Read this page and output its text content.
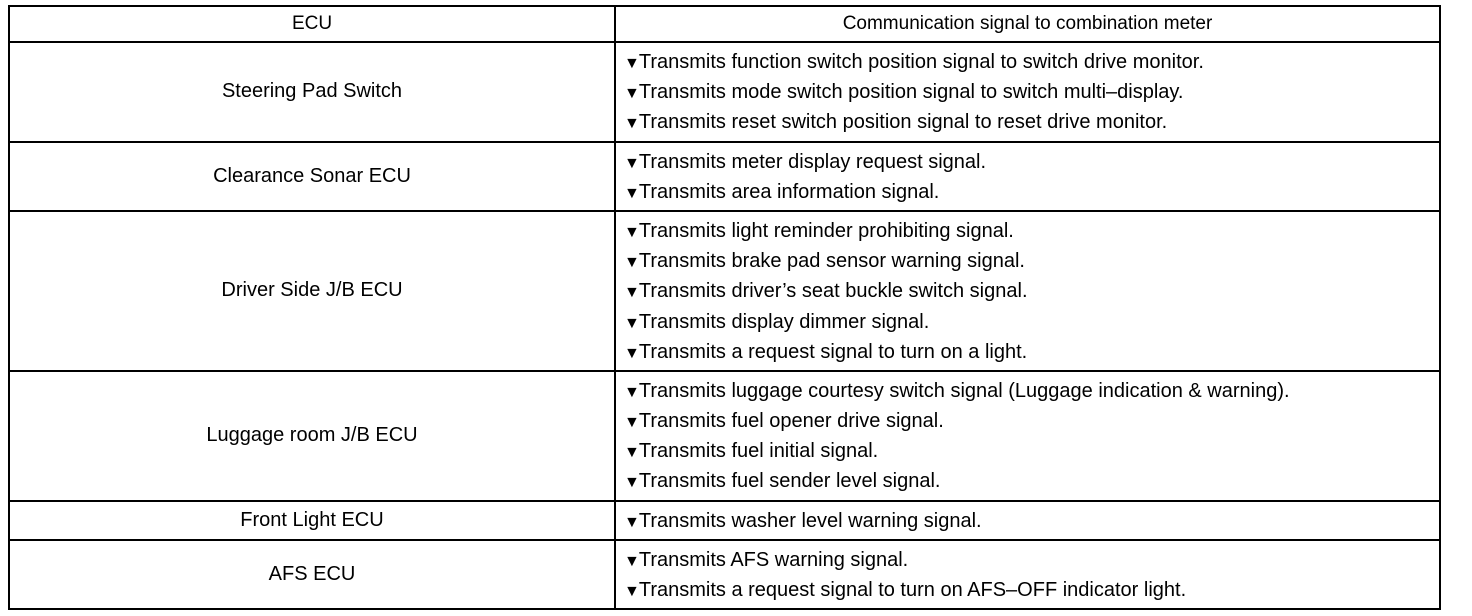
ECU	Communication signal to combination meter
Steering Pad Switch	▼Transmits function switch position signal to switch drive monitor.
▼Transmits mode switch position signal to switch multi–display.
▼Transmits reset switch position signal to reset drive monitor.

Clearance Sonar ECU	▼Transmits meter display request signal.
▼Transmits area information signal.

Driver Side J/B ECU	▼Transmits light reminder prohibiting signal.
▼Transmits brake pad sensor warning signal.
▼Transmits driver’s seat buckle switch signal.
▼Transmits display dimmer signal.
▼Transmits a request signal to turn on a light.

Luggage room J/B ECU	▼Transmits luggage courtesy switch signal (Luggage indication & warning).
▼Transmits fuel opener drive signal.
▼Transmits fuel initial signal.
▼Transmits fuel sender level signal.

Front Light ECU	▼Transmits washer level warning signal.

AFS ECU	▼Transmits AFS warning signal.
▼Transmits a request signal to turn on AFS–OFF indicator light.
